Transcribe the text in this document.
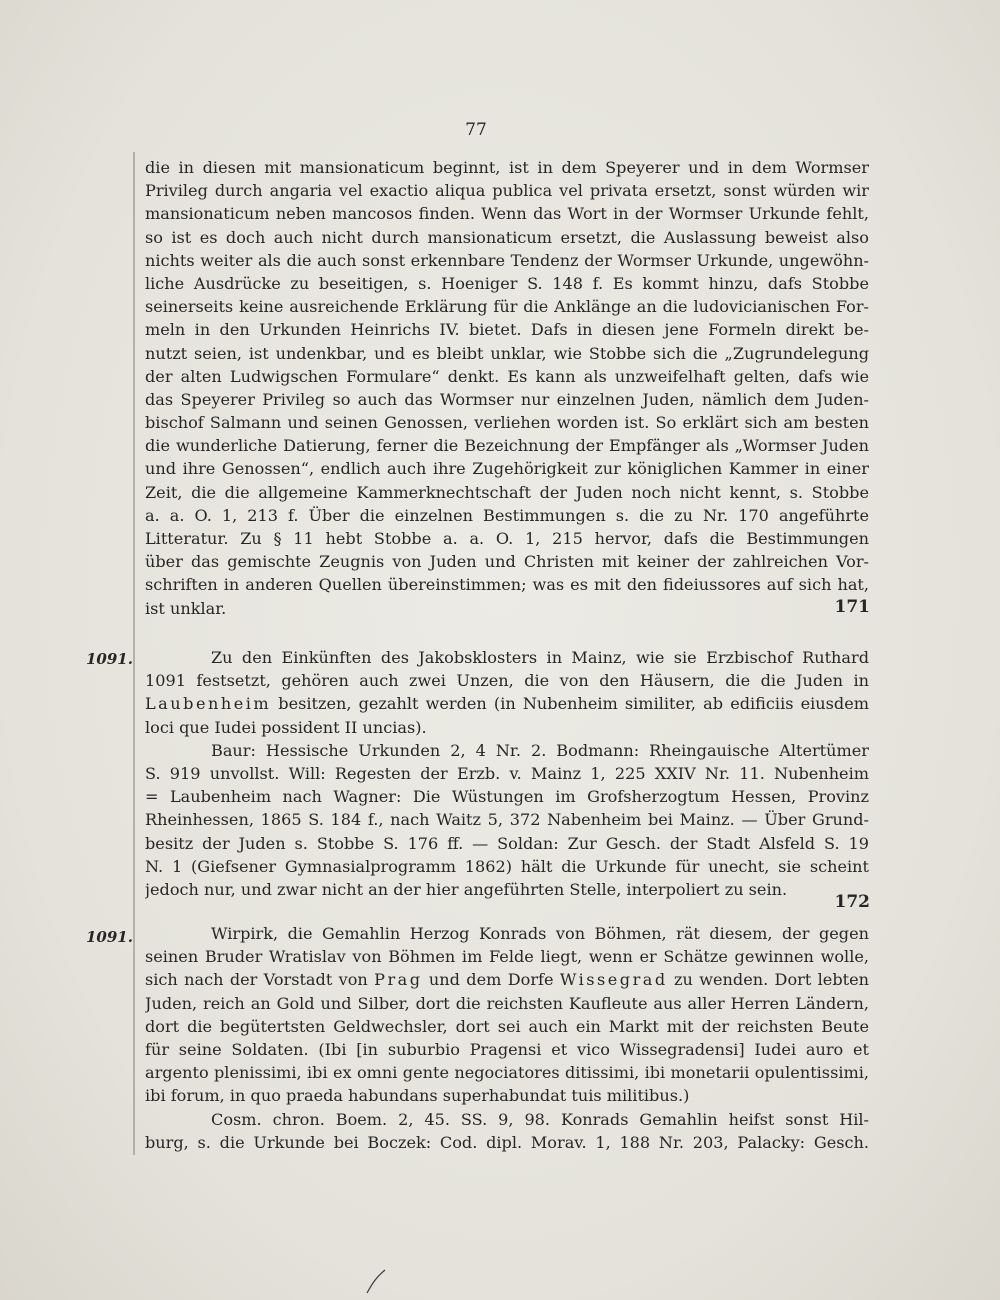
77
die in diesen mit mansionaticum beginnt, ist in dem Speyerer und in dem Wormser
Privileg durch angaria vel exactio aliqua publica vel privata ersetzt, sonst würden wir
mansionaticum neben mancosos finden. Wenn das Wort in der Wormser Urkunde fehlt,
so ist es doch auch nicht durch mansionaticum ersetzt, die Auslassung beweist also
nichts weiter als die auch sonst erkennbare Tendenz der Wormser Urkunde, ungewöhn-
liche Ausdrücke zu beseitigen, s. Hoeniger S. 148 f. Es kommt hinzu, dafs Stobbe
seinerseits keine ausreichende Erklärung für die Anklänge an die ludovicianischen For-
meln in den Urkunden Heinrichs IV. bietet. Dafs in diesen jene Formeln direkt be-
nutzt seien, ist undenkbar, und es bleibt unklar, wie Stobbe sich die „Zugrundelegung
der alten Ludwigschen Formulare“ denkt. Es kann als unzweifelhaft gelten, dafs wie
das Speyerer Privileg so auch das Wormser nur einzelnen Juden, nämlich dem Juden-
bischof Salmann und seinen Genossen, verliehen worden ist. So erklärt sich am besten
die wunderliche Datierung, ferner die Bezeichnung der Empfänger als „Wormser Juden
und ihre Genossen“, endlich auch ihre Zugehörigkeit zur königlichen Kammer in einer
Zeit, die die allgemeine Kammerknechtschaft der Juden noch nicht kennt, s. Stobbe
a. a. O. 1, 213 f. Über die einzelnen Bestimmungen s. die zu Nr. 170 angeführte
Litteratur. Zu § 11 hebt Stobbe a. a. O. 1, 215 hervor, dafs die Bestimmungen
über das gemischte Zeugnis von Juden und Christen mit keiner der zahlreichen Vor-
schriften in anderen Quellen übereinstimmen; was es mit den fideiussores auf sich hat,
ist unklar.	171
1091.	Zu den Einkünften des Jakobsklosters in Mainz, wie sie Erzbischof Ruthard
1091 festsetzt, gehören auch zwei Unzen, die von den Häusern, die die Juden in
Laubenheim besitzen, gezahlt werden (in Nubenheim similiter, ab edificiis eiusdem
loci que Iudei possident II uncias).
Baur: Hessische Urkunden 2, 4 Nr. 2. Bodmann: Rheingauische Altertümer
S. 919 unvollst. Will: Regesten der Erzb. v. Mainz 1, 225 XXIV Nr. 11. Nubenheim
= Laubenheim nach Wagner: Die Wüstungen im Grofsherzogtum Hessen, Provinz
Rheinhessen, 1865 S. 184 f., nach Waitz 5, 372 Nabenheim bei Mainz. — Über Grund-
besitz der Juden s. Stobbe S. 176 ff. — Soldan: Zur Gesch. der Stadt Alsfeld S. 19
N. 1 (Giefsener Gymnasialprogramm 1862) hält die Urkunde für unecht, sie scheint
jedoch nur, und zwar nicht an der hier angeführten Stelle, interpoliert zu sein.
172
1091.	Wirpirk, die Gemahlin Herzog Konrads von Böhmen, rät diesem, der gegen
seinen Bruder Wratislav von Böhmen im Felde liegt, wenn er Schätze gewinnen wolle,
sich nach der Vorstadt von Prag und dem Dorfe Wissegrad zu wenden. Dort lebten
Juden, reich an Gold und Silber, dort die reichsten Kaufleute aus aller Herren Ländern,
dort die begütertsten Geldwechsler, dort sei auch ein Markt mit der reichsten Beute
für seine Soldaten. (Ibi [in suburbio Pragensi et vico Wissegradensi] Iudei auro et
argento plenissimi, ibi ex omni gente negociatores ditissimi, ibi monetarii opulentissimi,
ibi forum, in quo praeda habundans superhabundat tuis militibus.)
Cosm. chron. Boem. 2, 45. SS. 9, 98. Konrads Gemahlin heifst sonst Hil-
burg, s. die Urkunde bei Boczek: Cod. dipl. Morav. 1, 188 Nr. 203, Palacky: Gesch.
